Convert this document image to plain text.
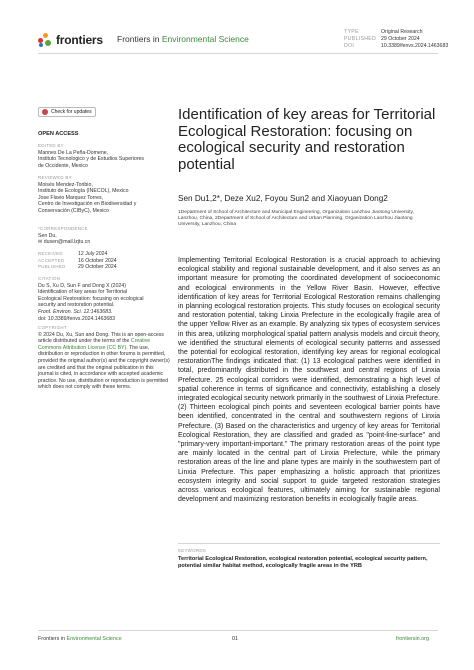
frontiers Frontiers in Environmental Science
TYPE	Original Research
PUBLISHED 29 October 2024
DOI	10.3389/fenvs.2024.1463683
Check for updates
OPEN ACCESS
EDITED BY
Mannes De La Peña-Domene,
Instituto Tecnologico y de Estudios Superiores
de Occidente, Mexico
REVIEWED BY
Moisés Mendez-Toribio,
Instituto de Ecología (INECOL), Mexico
Jose Flavio Marquez Torres,
Centro de Investigación en Biodiversidad y
Conservación (CIByC), Mexico
*CORRESPONDENCE
Sen Du,
✉ dusen@mail.lzjtu.cn
RECEIVED	12 July 2024
ACCEPTED	16 October 2024
PUBLISHED 29 October 2024
CITATION
Du S, Xu D, Sun F and Dong X (2024)
Identification of key areas for Territorial
Ecological Restoration: focusing on ecological
security and restoration potential.
Front. Environ. Sci. 12:1463683.
doi: 10.3389/fenvs.2024.1463683
COPYRIGHT
© 2024 Du, Xu, Sun and Dong. This is an open-access article distributed under the terms of the Creative Commons Attribution License (CC BY). The use, distribution or reproduction in other forums is permitted, provided the original author(s) and the copyright owner(s) are credited and that the original publication in this journal is cited, in accordance with accepted academic practice. No use, distribution or reproduction is permitted which does not comply with these terms.
Identification of key areas for Territorial Ecological Restoration: focusing on ecological security and restoration potential
Sen Du1,2*, Deze Xu2, Foyou Sun2 and Xiaoyuan Dong2
1Department of School of Architecture and Municipal Engineering, Organization Lanzhou Jiaotong University, Lanzhou, China, 2Department of School of Architecture and Urban Planning, Organization Lanzhou Jiaotong University, Lanzhou, China

Implementing Territorial Ecological Restoration is a crucial approach to achieving ecological stability and regional sustainable development, and it also serves as an important measure for promoting the coordinated development of socioeconomic and ecological environments in the Yellow River Basin. However, effective identification of key areas for Territorial Ecological Restoration remains challenging in planning ecological restoration projects. This study focuses on ecological security and restoration potential, taking Linxia Prefecture in the ecologically fragile area of the upper Yellow River as an example. By analyzing six types of ecosystem services in this area, utilizing morphological spatial pattern analysis models and circuit theory, we identified the structural elements of ecological security patterns and assessed the potential for ecological restoration, identifying key areas for regional ecological restorationThe findings indicated that: (1) 13 ecological patches were identified in total, predominantly distributed in the southwest and central regions of Linxia Prefecture. 25 ecological corridors were identified, demonstrating a high level of spatial coherence in terms of significance and connectivity, establishing a closely integrated ecological security network primarily in the southwest of Linxia Prefecture. (2) Thirteen ecological pinch points and seventeen ecological barrier points have been identified, concentrated in the central and southwestern regions of Linxia Prefecture. (3) Based on the characteristics and urgency of key areas for Territorial Ecological Restoration, they are classified and graded as "point-line-surface" and "primary-very important-important." The primary restoration areas of the point type are mainly located in the central part of Linxia Prefecture, while the primary restoration areas of the line and plane types are mainly in the southwestern part of Linxia Prefecture. This paper emphasizing a holistic approach that prioritizes ecosystem integrity and social support to guide targeted restoration strategies across various ecological features, ultimately aiming for sustainable regional development and maximizing restoration benefits in ecologically fragile areas.

KEYWORDS
Territorial Ecological Restoration, ecological restoration potential, ecological security pattern, potential similar habitat method, ecologically fragile areas in the YRB
Frontiers in Environmental Science	01	frontiersin.org
